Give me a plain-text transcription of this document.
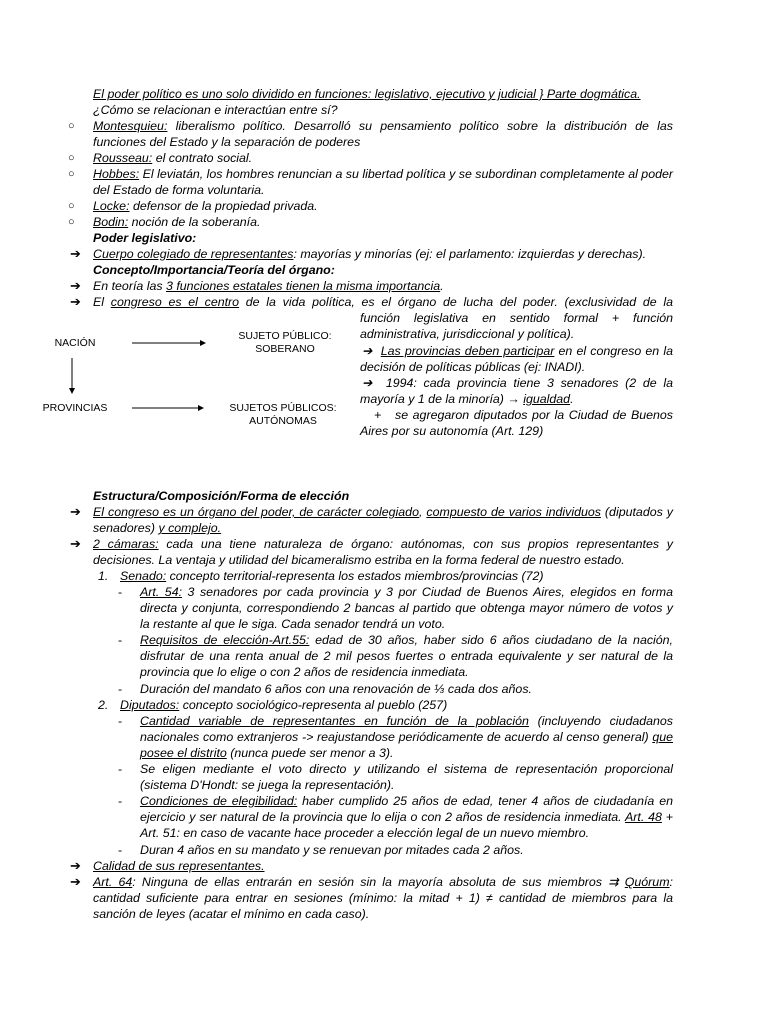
El poder político es uno solo dividido en funciones: legislativo, ejecutivo y judicial } Parte dogmática.
¿Cómo se relacionan e interactúan entre sí?
○ Montesquieu: liberalismo político. Desarrolló su pensamiento político sobre la distribución de las funciones del Estado y la separación de poderes
○ Rousseau: el contrato social.
○ Hobbes: El leviatán, los hombres renuncian a su libertad política y se subordinan completamente al poder del Estado de forma voluntaria.
○ Locke: defensor de la propiedad privada.
○ Bodin: noción de la soberanía.
Poder legislativo:
➔ Cuerpo colegiado de representantes: mayorías y minorías (ej: el parlamento: izquierdas y derechas).
Concepto/Importancia/Teoría del órgano:
➔ En teoría las 3 funciones estatales tienen la misma importancia.
➔ El congreso es el centro de la vida política, es el órgano de lucha del poder. (exclusividad de la
NACIÓN
SUJETO PÚBLICO:
SOBERANO
PROVINCIAS	SUJETOS PÚBLICOS:
AUTÓNOMAS
función legislativa en sentido formal + función administrativa, jurisdiccional y política).
➔ Las provincias deben participar en el congreso en la decisión de políticas públicas (ej: INADI).
➔ 1994: cada provincia tiene 3 senadores (2 de la mayoría y 1 de la minoría) → igualdad.
+ se agregaron diputados por la Ciudad de Buenos Aires por su autonomía (Art. 129)
Estructura/Composición/Forma de elección
➔ El congreso es un órgano del poder, de carácter colegiado, compuesto de varios individuos (diputados y senadores) y complejo.
➔ 2 cámaras: cada una tiene naturaleza de órgano: autónomas, con sus propios representantes y decisiones. La ventaja y utilidad del bicameralismo estriba en la forma federal de nuestro estado.
1. Senado: concepto territorial-representa los estados miembros/provincias (72)
- Art. 54: 3 senadores por cada provincia y 3 por Ciudad de Buenos Aires, elegidos en forma directa y conjunta, correspondiendo 2 bancas al partido que obtenga mayor número de votos y la restante al que le siga. Cada senador tendrá un voto.
- Requisitos de elección-Art.55: edad de 30 años, haber sido 6 años ciudadano de la nación, disfrutar de una renta anual de 2 mil pesos fuertes o entrada equivalente y ser natural de la provincia que lo elige o con 2 años de residencia inmediata.
- Duración del mandato 6 años con una renovación de ⅓ cada dos años.
2. Diputados: concepto sociológico-representa al pueblo (257)
- Cantidad variable de representantes en función de la población (incluyendo ciudadanos nacionales como extranjeros -> reajustandose periódicamente de acuerdo al censo general) que posee el distrito (nunca puede ser menor a 3).
- Se eligen mediante el voto directo y utilizando el sistema de representación proporcional (sistema D'Hondt: se juega la representación).
- Condiciones de elegibilidad: haber cumplido 25 años de edad, tener 4 años de ciudadanía en ejercicio y ser natural de la provincia que lo elija o con 2 años de residencia inmediata. Art. 48 + Art. 51: en caso de vacante hace proceder a elección legal de un nuevo miembro.
- Duran 4 años en su mandato y se renuevan por mitades cada 2 años.
➔ Calidad de sus representantes.
➔ Art. 64: Ninguna de ellas entrarán en sesión sin la mayoría absoluta de sus miembros ⇉ Quórum: cantidad suficiente para entrar en sesiones (mínimo: la mitad + 1) ≠ cantidad de miembros para la sanción de leyes (acatar el mínimo en cada caso).
